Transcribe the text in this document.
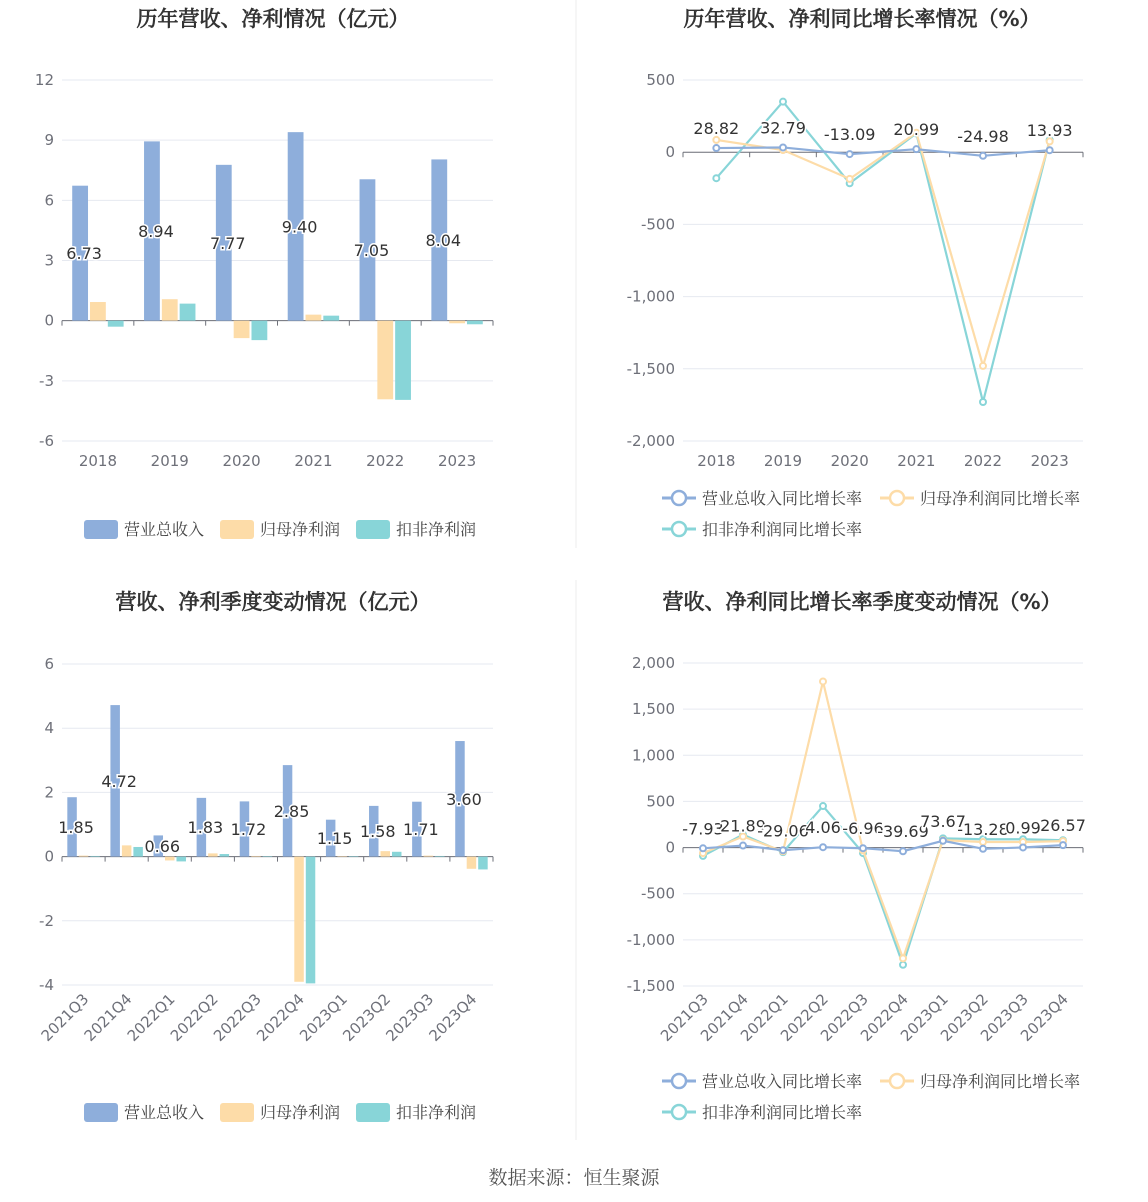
历年营收、净利情况（亿元）
-6
-3
0
3
6
9
12
2018 2019 2020 2021 2022 2023
6.73
8.94
7.77
9.40
7.05
8.04
营业总收入	归母净利润	扣非净利润
历年营收、净利同比增长率情况（%）
-2,000
-1,500
-1,000
-500
0
500
2018 2019 2020 2021 2022 2023
28.82 32.79 -13.09 20.99 -24.98 13.93
营业总收入同比增长率	归母净利润同比增长率
扣非净利润同比增长率
营收、净利季度变动情况（亿元）
-4
-2
0
2
4
6
2021Q3
2021Q4
2022Q1
2022Q2
2022Q3
2022Q4
2023Q1
2023Q2
2023Q3
2023Q4
1.85
4.72
0.66
1.83 1.72
2.85
1.15 1.58 1.71
3.60
营业总收入	归母净利润	扣非净利润
营收、净利同比增长率季度变动情况（%）
-1,500
-1,000
-500
0
500
1,000
1,500
2,000
2021Q3
2021Q4
2022Q1
2022Q2
2022Q3
2022Q4
2023Q1
2023Q2
2023Q3
2023Q4
-7.93
21.89
-29.06
4.06 -6.96
-39.69
73.67
-13.28
0.99 26.57
营业总收入同比增长率	归母净利润同比增长率
扣非净利润同比增长率
数据来源：恒生聚源
